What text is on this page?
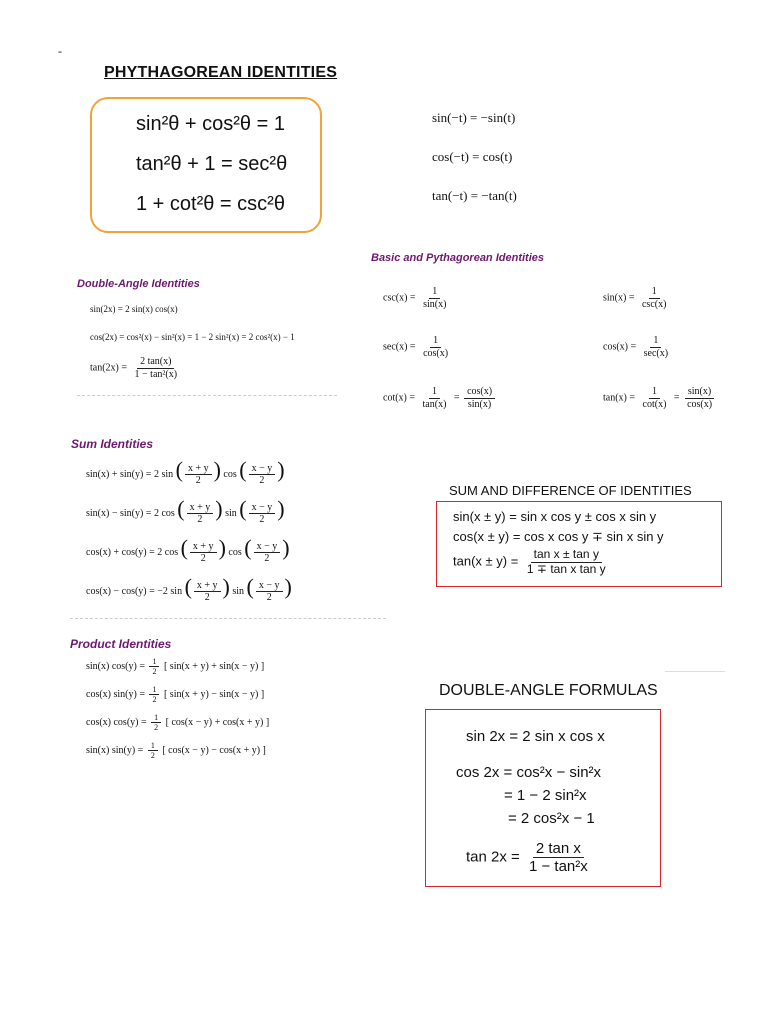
-
PHYTHAGOREAN IDENTITIES
sin²θ + cos²θ = 1
tan²θ + 1 = sec²θ
1 + cot²θ = csc²θ
sin(−t) = −sin(t)
cos(−t) = cos(t)
tan(−t) = −tan(t)
Basic and Pythagorean Identities
$\csc(x) = \frac{1}{\sin(x)}$	$\sin(x) = \frac{1}{\csc(x)}$
$\sec(x) = \frac{1}{\cos(x)}$	$\cos(x) = \frac{1}{\sec(x)}$
$\cot(x) = \frac{1}{\tan(x)} = \frac{\cos(x)}{\sin(x)}$	$\tan(x) = \frac{1}{\cot(x)} = \frac{\sin(x)}{\cos(x)}$
Double-Angle Identities
sin(2x) = 2 sin(x) cos(x)
cos(2x) = cos²(x) − sin²(x) = 1 − 2 sin²(x) = 2 cos²(x) − 1
$\tan(2x) = \frac{2 \tan(x)}{\text{1 − tan²(x)}}$
Sum Identities
sin(x) + sin(y) = 2 sin ( $\frac{x + y}{2}$ ) cos ( $\frac{x - y}{2}$ )
sin(x) − sin(y) = 2 cos ( $\frac{x + y}{2}$ ) sin ( $\frac{x - y}{2}$ )
cos(x) + cos(y) = 2 cos ( $\frac{x + y}{2}$ ) cos ( $\frac{x - y}{2}$ )
cos(x) − cos(y) = −2 sin ( $\frac{x + y}{2}$ ) sin ( $\frac{x - y}{2}$ )
SUM AND DIFFERENCE OF IDENTITIES
sin(x ± y) = sin x cos y ± cos x sin y
cos(x ± y) = cos x cos y ∓ sin x sin y
$\tan(x \pm y) = \frac{\text{tan x ± tan y}}{\text{1 ∓ tan x tan y}}$
Product Identities
sin(x) $\cos(y) = \frac{1}{2}$ [ sin(x + y) + sin(x − y) ]
cos(x) $\sin(y) = \frac{1}{2}$ [ sin(x + y) − sin(x − y) ]
cos(x) $\cos(y) = \frac{1}{2}$ [ cos(x − y) + cos(x + y) ]
sin(x) $\sin(y) = \frac{1}{2}$ [ cos(x − y) − cos(x + y) ]
DOUBLE-ANGLE FORMULAS
sin 2x = 2 sin x cos x
cos 2x = cos²x − sin²x
= 1 − 2 sin²x
= 2 cos²x − 1
$\tan 2x = \frac{\text{2 tan x}}{\text{1 − tan²x}}$
